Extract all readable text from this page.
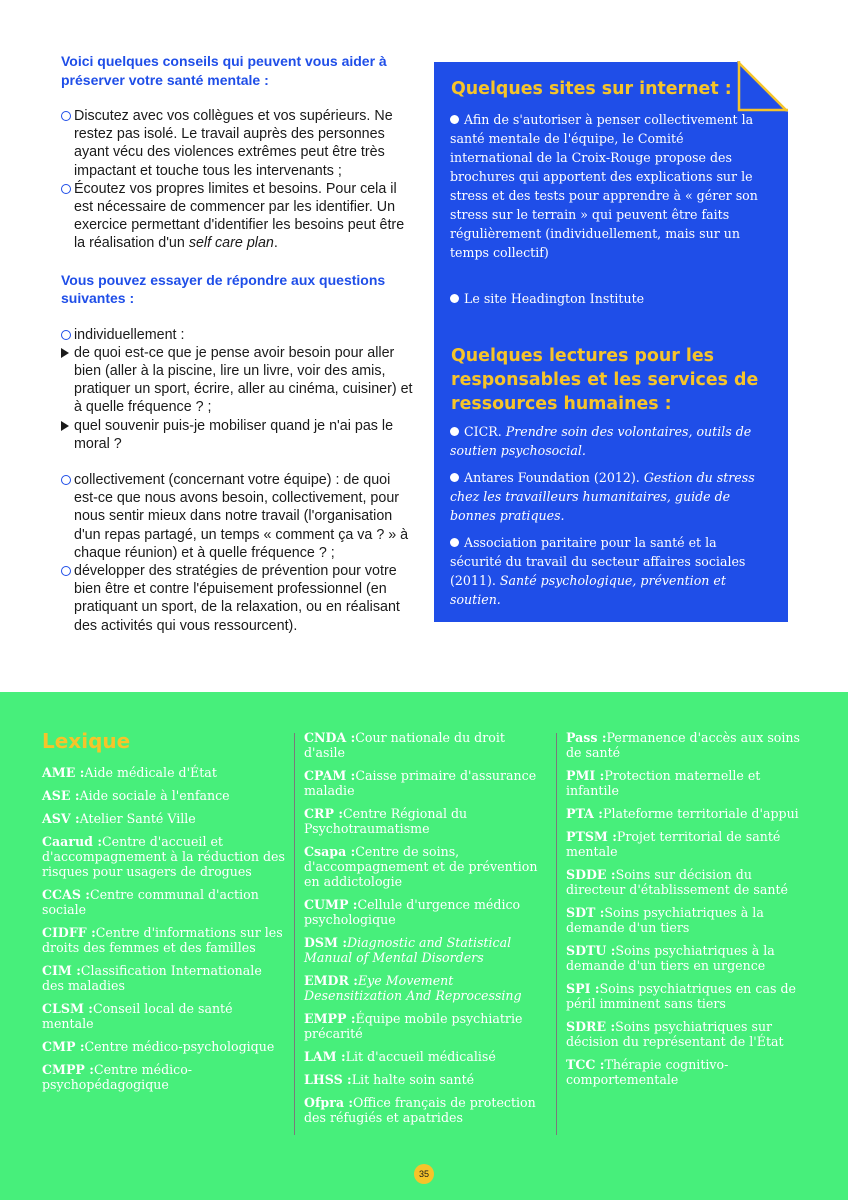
Voici quelques conseils qui peuvent vous aider à préserver votre santé mentale :
Discutez avec vos collègues et vos supérieurs. Ne restez pas isolé. Le travail auprès des personnes ayant vécu des violences extrêmes peut être très impactant et touche tous les intervenants ;
Écoutez vos propres limites et besoins. Pour cela il est nécessaire de commencer par les identifier. Un exercice permettant d'identifier les besoins peut être la réalisation d'un self care plan.
Vous pouvez essayer de répondre aux questions suivantes :
individuellement :
de quoi est-ce que je pense avoir besoin pour aller bien (aller à la piscine, lire un livre, voir des amis, pratiquer un sport, écrire, aller au cinéma, cuisiner) et à quelle fréquence ? ;
quel souvenir puis-je mobiliser quand je n'ai pas le moral ?
collectivement (concernant votre équipe) : de quoi est-ce que nous avons besoin, collectivement, pour nous sentir mieux dans notre travail (l'organisation d'un repas partagé, un temps « comment ça va ? » à chaque réunion) et à quelle fréquence ? ;
développer des stratégies de prévention pour votre bien être et contre l'épuisement professionnel (en pratiquant un sport, de la relaxation, ou en réalisant des activités qui vous ressourcent).
Quelques sites sur internet :
Afin de s'autoriser à penser collectivement la santé mentale de l'équipe, le Comité international de la Croix-Rouge propose des brochures qui apportent des explications sur le stress et des tests pour apprendre à « gérer son stress sur le terrain » qui peuvent être faits régulièrement (individuellement, mais sur un temps collectif)
Le site Headington Institute
Quelques lectures pour les responsables et les services de ressources humaines :
CICR. Prendre soin des volontaires, outils de soutien psychosocial.
Antares Foundation (2012). Gestion du stress chez les travailleurs humanitaires, guide de bonnes pratiques.
Association paritaire pour la santé et la sécurité du travail du secteur affaires sociales (2011). Santé psychologique, prévention et soutien.
Lexique
AME :Aide médicale d'État
ASE :Aide sociale à l'enfance
ASV :Atelier Santé Ville
Caarud :Centre d'accueil et d'accompagnement à la réduction des risques pour usagers de drogues
CCAS :Centre communal d'action sociale
CIDFF :Centre d'informations sur les droits des femmes et des familles
CIM :Classification Internationale des maladies
CLSM :Conseil local de santé mentale
CMP :Centre médico-psychologique
CMPP :Centre médico-psychopédagogique
CNDA :Cour nationale du droit d'asile
CPAM :Caisse primaire d'assurance maladie
CRP :Centre Régional du Psychotraumatisme
Csapa :Centre de soins, d'accompagnement et de prévention en addictologie
CUMP :Cellule d'urgence médico psychologique
DSM :Diagnostic and Statistical Manual of Mental Disorders
EMDR :Eye Movement Desensitization And Reprocessing
EMPP :Équipe mobile psychiatrie précarité
LAM :Lit d'accueil médicalisé
LHSS :Lit halte soin santé
Ofpra :Office français de protection des réfugiés et apatrides
Pass :Permanence d'accès aux soins de santé
PMI :Protection maternelle et infantile
PTA :Plateforme territoriale d'appui
PTSM :Projet territorial de santé mentale
SDDE :Soins sur décision du directeur d'établissement de santé
SDT :Soins psychiatriques à la demande d'un tiers
SDTU :Soins psychiatriques à la demande d'un tiers en urgence
SPI :Soins psychiatriques en cas de péril imminent sans tiers
SDRE :Soins psychiatriques sur décision du représentant de l'État
TCC :Thérapie cognitivo-comportementale
35
